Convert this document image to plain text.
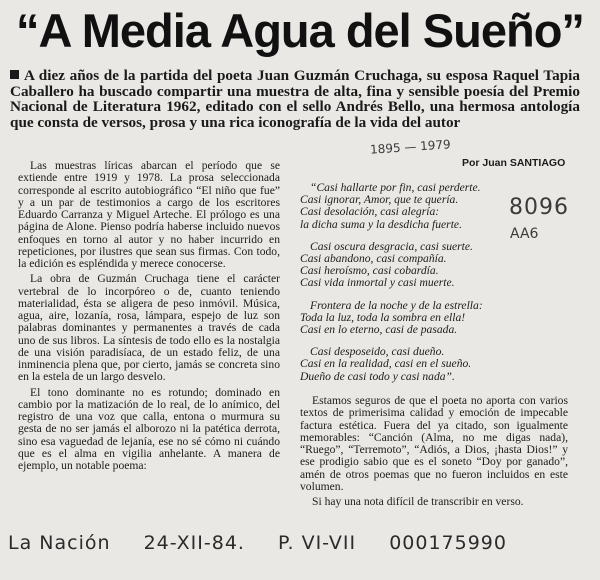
“A Media Agua del Sueño”
A diez años de la partida del poeta Juan Guzmán Cruchaga, su esposa Raquel Tapia Caballero ha buscado compartir una muestra de alta, fina y sensible poesía del Premio Nacional de Literatura 1962, editado con el sello Andrés Bello, una hermosa antología que consta de versos, prosa y una rica iconografía de la vida del autor

Las muestras líricas abarcan el período que se extiende entre 1919 y 1978. La prosa seleccionada corresponde al escrito autobiográfico “El niño que fue” y a un par de testimonios a cargo de los escritores Eduardo Carranza y Miguel Arteche. El prólogo es una página de Alone. Pienso podría haberse incluido nuevos enfoques en torno al autor y no haber incurrido en repeticiones, por ilustres que sean sus firmas. Con todo, la edición es espléndida y merece conocerse.

La obra de Guzmán Cruchaga tiene el carácter vertebral de lo incorpóreo o de, cuanto teniendo materialidad, ésta se aligera de peso inmóvil. Música, agua, aire, lozanía, rosa, lámpara, espejo de luz son palabras dominantes y permanentes a través de cada uno de sus libros. La síntesis de todo ello es la nostalgia de una visión paradisíaca, de un estado feliz, de una inminencia plena que, por cierto, jamás se concreta sino en la estela de un largo desvelo.

El tono dominante no es rotundo; dominado en cambio por la matización de lo real, de lo anímico, del registro de una voz que calla, entona o murmura su gesta de no ser jamás el alborozo ni la patética derrota, sino esa vaguedad de lejanía, ese no sé cómo ni cuándo que es el alma en vigilia anhelante. A manera de ejemplo, un notable poema:

Por Juan SANTIAGO
1895 — 1979
8096
AA6
“Casi hallarte por fin, casi perderte.
Casi ignorar, Amor, que te quería.
Casi desolación, casi alegría:
la dicha suma y la desdicha fuerte.
Casi oscura desgracia, casi suerte.
Casi abandono, casi compañía.
Casi heroísmo, casi cobardía.
Casi vida inmortal y casi muerte.
Frontera de la noche y de la estrella:
Toda la luz, toda la sombra en ella!
Casi en lo eterno, casi de pasada.
Casi desposeido, casi dueño.
Casi en la realidad, casi en el sueño.
Dueño de casi todo y casi nada”.

Estamos seguros de que el poeta no aporta con varios textos de primerisima calidad y emoción de impecable factura estética. Fuera del ya citado, son igualmente memorables: “Canción (Alma, no me digas nada), “Ruego”, “Terremoto”, “Adiós, a Dios, ¡hasta Dios!” y ese prodigio sabio que es el soneto “Doy por ganado”, amén de otros poemas que no fueron incluidos en este volumen.

Si hay una nota difícil de transcribir en verso.

La Nación 24-XII-84. P. VI-VII 000175990
